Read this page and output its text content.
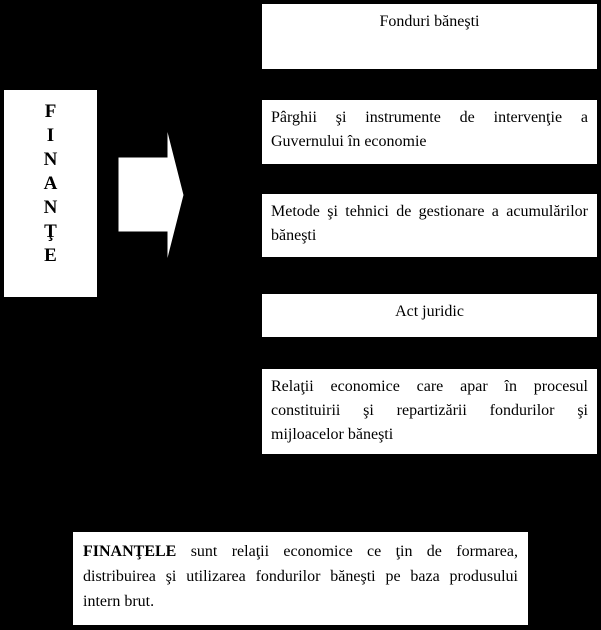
F
I
N
A
N
Ţ
E
Fonduri băneşti
Pârghii şi instrumente de intervenţie a Guvernului în economie
Metode şi tehnici de gestionare a acumulărilor băneşti
Act juridic
Relaţii economice care apar în procesul constituirii şi repartizării fondurilor şi mijloacelor băneşti
FINANŢELE sunt relaţii economice ce ţin de formarea, distribuirea şi utilizarea fondurilor băneşti pe baza produsului intern brut.
